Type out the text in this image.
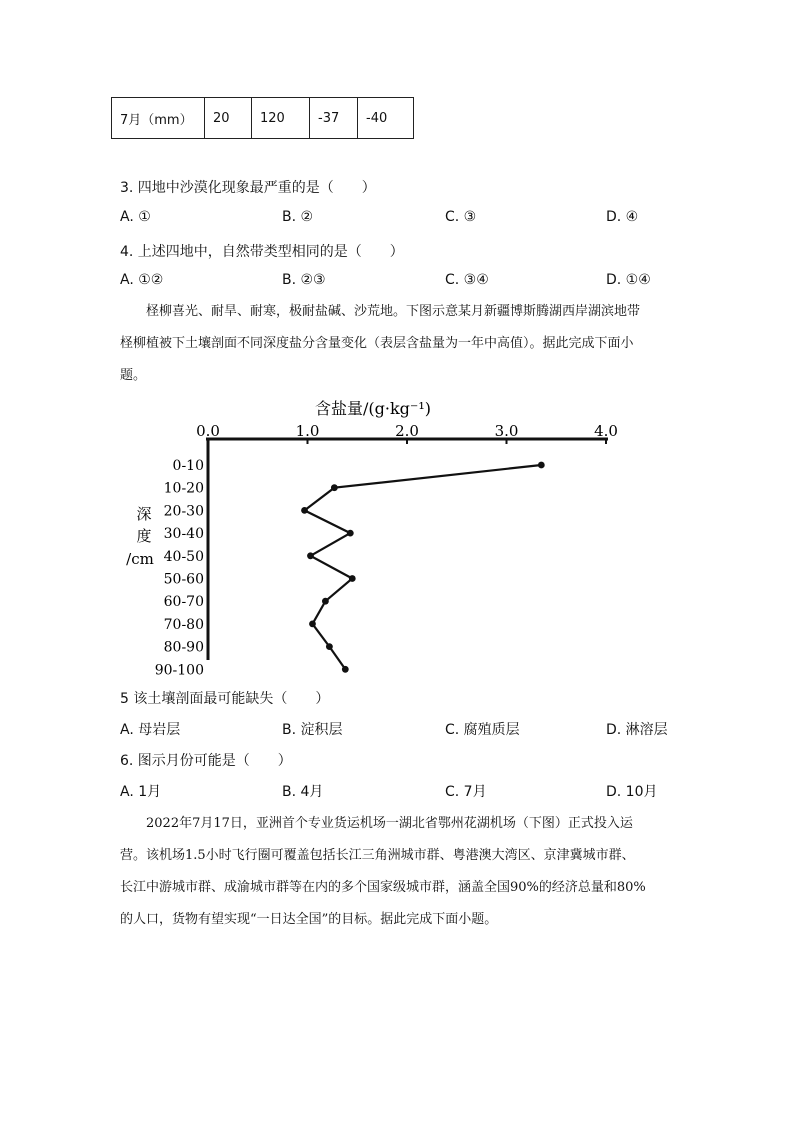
7月（mm）	20	120	-37	-40
3. 四地中沙漠化现象最严重的是（　　）
A. ①	B. ②	C. ③	D. ④
4. 上述四地中，自然带类型相同的是（　　）
A. ①②	B. ②③	C. ③④	D. ①④

柽柳喜光、耐旱、耐寒，极耐盐碱、沙荒地。下图示意某月新疆博斯腾湖西岸湖滨地带

柽柳植被下土壤剖面不同深度盐分含量变化（表层含盐量为一年中高值）。据此完成下面小

题。

含盐量/(g·kg⁻¹)
0.0	1.0	2.0	3.0	4.0
0-10
10-20
20-30
30-40
40-50
50-60
60-70
70-80
80-90
90-100
深
度
/cm
5 该土壤剖面最可能缺失（　　）
A. 母岩层	B. 淀积层	C. 腐殖质层	D. 淋溶层
6. 图示月份可能是（　　）
A. 1月	B. 4月	C. 7月	D. 10月

2022年7月17日，亚洲首个专业货运机场一湖北省鄂州花湖机场（下图）正式投入运

营。该机场1.5小时飞行圈可覆盖包括长江三角洲城市群、粤港澳大湾区、京津冀城市群、

长江中游城市群、成渝城市群等在内的多个国家级城市群，涵盖全国90%的经济总量和80%

的人口，货物有望实现“一日达全国”的目标。据此完成下面小题。
